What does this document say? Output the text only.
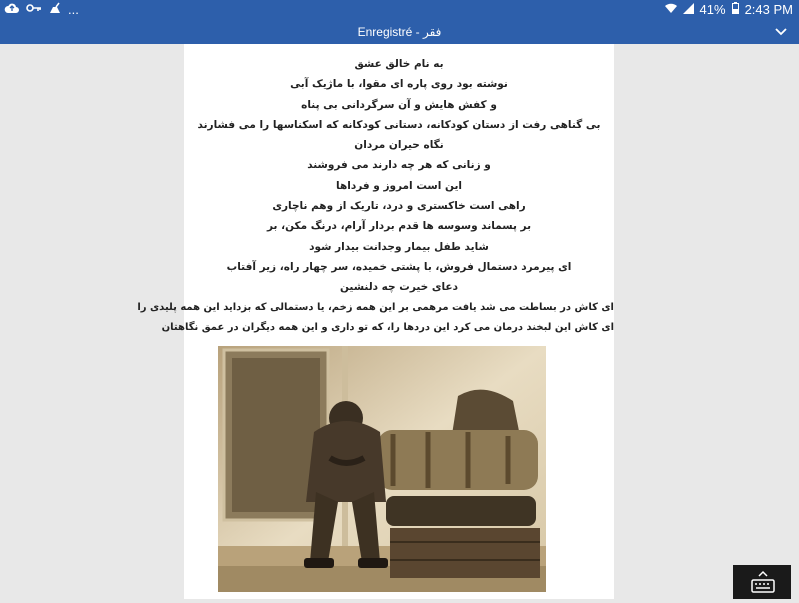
...	41% 2:43 PM
Enregistré - فقر
به نام خالق عشق
نوشته بود روی پاره ای مقوا، با ماژیک آبی
و کفش هایش و آن سرگردانی بی پناه
بی گناهی رفت از دستان کودکانه، دستانی کودکانه که اسکناسها را می فشارند
نگاه حیران مردان
و زنانی که هر چه دارند می فروشند
این است امروز و فرداها
راهی است خاکستری و درد، تاریک از وهم ناچاری
بر پسماند وسوسه ها قدم بردار آرام، درنگ مکن، بر
شاید طفل بیمار وجدانت بیدار شود
ای پیرمرد دستمال فروش، با پشتی خمیده، سر چهار راه، زیر آفتاب
دعای خیرت چه دلنشین
ای کاش در بساطت می شد یافت مرهمی بر این همه زخم، یا دستمالی که بزداید این همه پلیدی را
ای کاش این لبخند درمان می کرد این دردها را، که تو داری و این همه دیگران در عمق نگاهتان
